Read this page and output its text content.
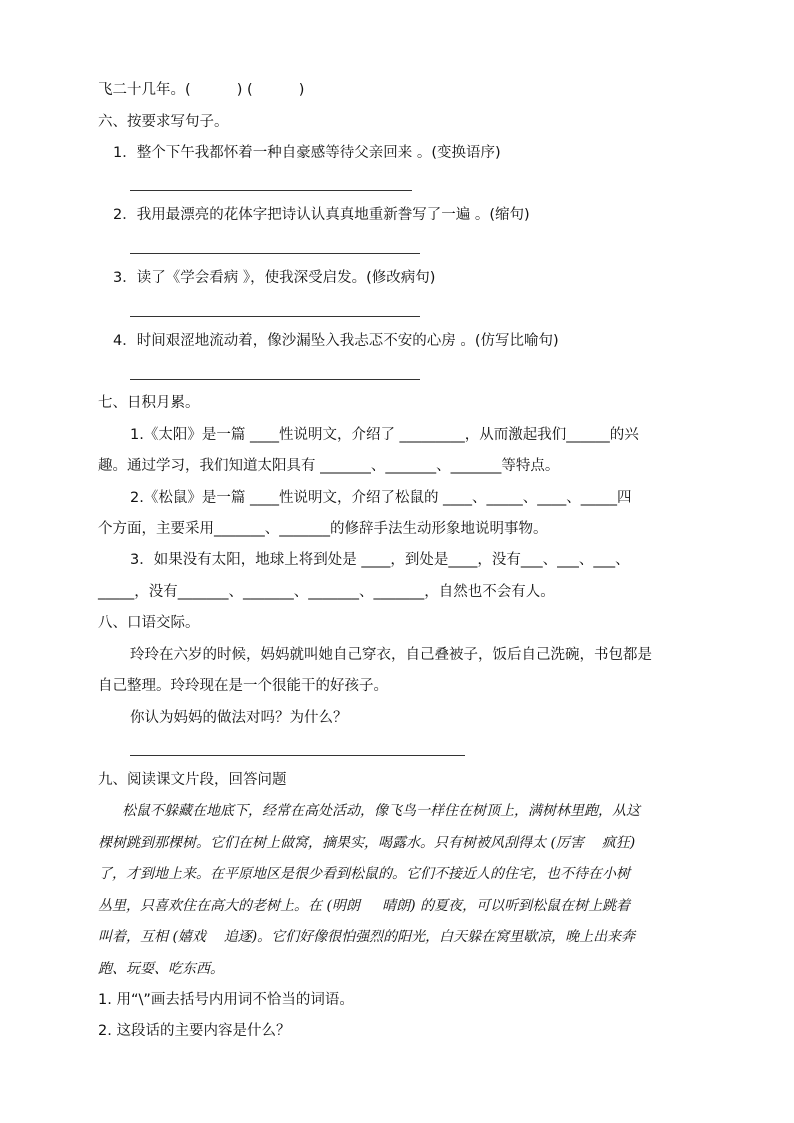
飞二十几年。(          ) (          )
六、按要求写句子。
1．整个下午我都怀着一种自豪感等待父亲回来 。(变换语序)
2．我用最漂亮的花体字把诗认认真真地重新誊写了一遍 。(缩句)
3．读了《学会看病 》，使我深受启发。(修改病句)
4．时间艰涩地流动着，像沙漏坠入我忐忑不安的心房 。(仿写比喻句)
七、日积月累。
1.《太阳》是一篇 ____性说明文，介绍了 _________，从而激起我们______的兴
趣。通过学习，我们知道太阳具有 _______、_______、_______等特点。
2.《松鼠》是一篇 ____性说明文，介绍了松鼠的 ____、_____、____、_____四
个方面，主要采用_______、_______的修辞手法生动形象地说明事物。
3．如果没有太阳，地球上将到处是 ____，到处是____，没有___、___、___、
_____，没有_______、_______、_______、_______，自然也不会有人。
八、口语交际。
玲玲在六岁的时候，妈妈就叫她自己穿衣，自己叠被子，饭后自己洗碗，书包都是
自己整理。玲玲现在是一个很能干的好孩子。
你认为妈妈的做法对吗？为什么？
九、阅读课文片段，回答问题
松鼠不躲藏在地底下，经常在高处活动，像飞鸟一样住在树顶上，满树林里跑，从这
棵树跳到那棵树。它们在树上做窝，摘果实，喝露水。只有树被风刮得太 (厉害    疯狂)
了，才到地上来。在平原地区是很少看到松鼠的。它们不接近人的住宅，也不待在小树
丛里，只喜欢住在高大的老树上。在 (明朗     晴朗) 的夏夜，可以听到松鼠在树上跳着
叫着，互相 (嬉戏    追逐)。它们好像很怕强烈的阳光，白天躲在窝里歇凉，晚上出来奔
跑、玩耍、吃东西。
1. 用“\”画去括号内用词不恰当的词语。
2. 这段话的主要内容是什么？
